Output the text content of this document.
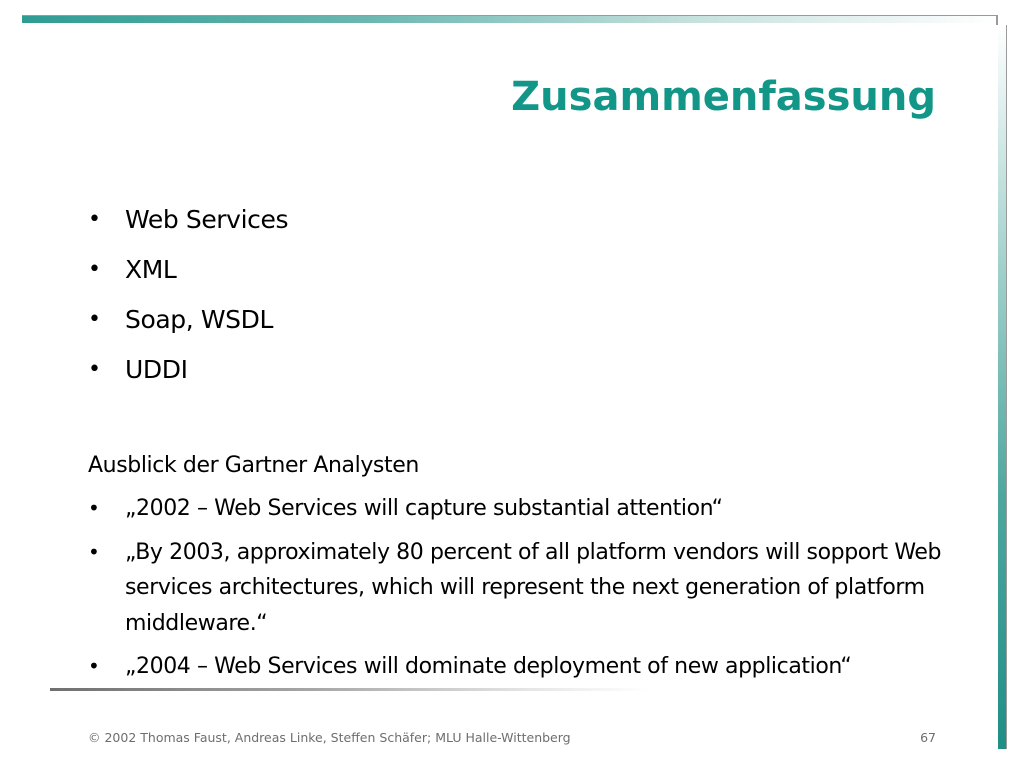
Zusammenfassung
• Web Services
• XML
• Soap, WSDL
• UDDI

Ausblick der Gartner Analysten

• „2002 – Web Services will capture substantial attention“
• „By 2003, approximately 80 percent of all platform vendors will sopport Web services architectures, which will represent the next generation of platform middleware.“
• „2004 – Web Services will dominate deployment of new application“
© 2002 Thomas Faust, Andreas Linke, Steffen Schäfer; MLU Halle-Wittenberg	67
